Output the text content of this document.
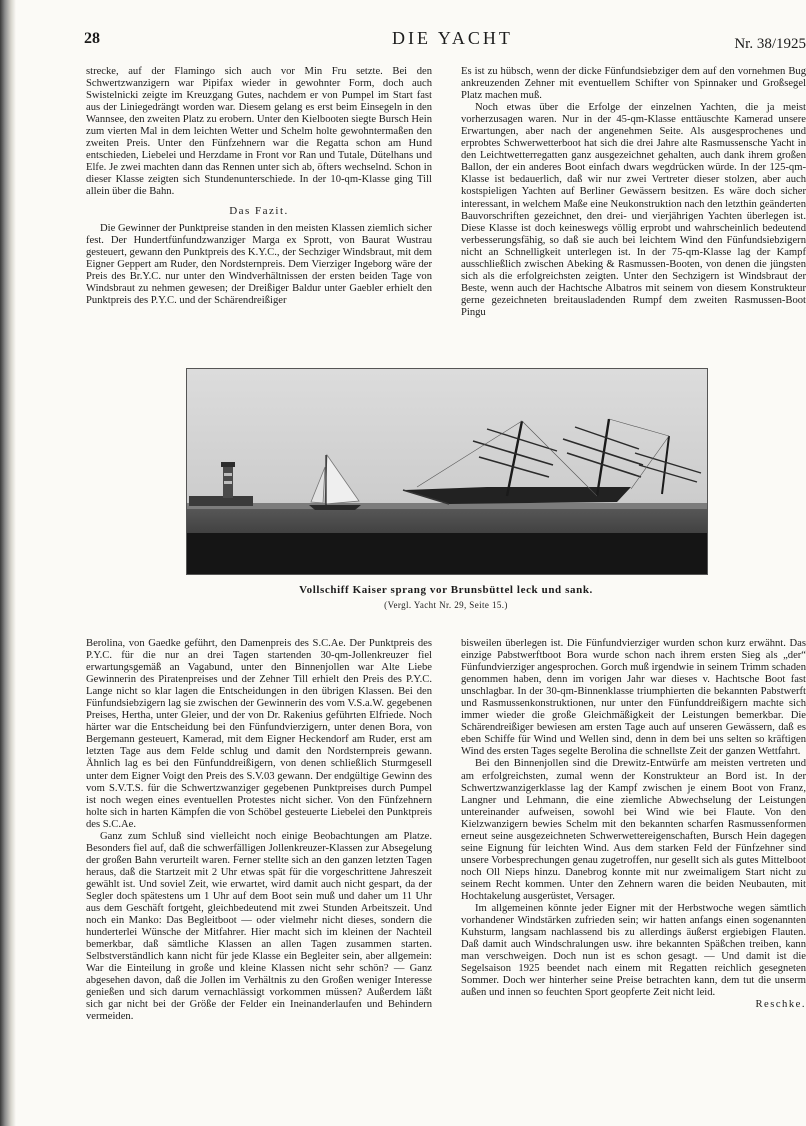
28	DIE YACHT	Nr. 38/1925

strecke, auf der Flamingo sich auch vor Min Fru setzte. Bei den Schwertzwanzigern war Pipifax wieder in gewohnter Form, doch auch Swistelnicki zeigte im Kreuzgang Gutes, nachdem er von Pumpel im Start fast aus der Liniegedrängt worden war. Diesem gelang es erst beim Einsegeln in den Wannsee, den zweiten Platz zu erobern. Unter den Kielbooten siegte Bursch Hein zum vierten Mal in dem leichten Wetter und Schelm holte gewohntermaßen den zweiten Preis. Unter den Fünfzehnern war die Regatta schon am Hund entschieden, Liebelei und Herzdame in Front vor Ran und Tutale, Dütelhans und Elfe. Je zwei machten dann das Rennen unter sich ab, öfters wechselnd. Schon in dieser Klasse zeigten sich Stundenunterschiede. In der 10-qm-Klasse ging Till allein über die Bahn.

Das Fazit.

Die Gewinner der Punktpreise standen in den meisten Klassen ziemlich sicher fest. Der Hundertfünfundzwanziger Marga ex Sprott, von Baurat Wustrau gesteuert, gewann den Punktpreis des K.Y.C., der Sechziger Windsbraut, mit dem Eigner Geppert am Ruder, den Nordsternpreis. Dem Vierziger Ingeborg wäre der Preis des Br.Y.C. nur unter den Windverhältnissen der ersten beiden Tage von Windsbraut zu nehmen gewesen; der Dreißiger Baldur unter Gaebler erhielt den Punktpreis des P.Y.C. und der Schärendreißiger

Es ist zu hübsch, wenn der dicke Fünfundsiebziger dem auf den vornehmen Bug ankreuzenden Zehner mit eventuellem Schifter von Spinnaker und Großsegel Platz machen muß.

Noch etwas über die Erfolge der einzelnen Yachten, die ja meist vorherzusagen waren. Nur in der 45-qm-Klasse enttäuschte Kamerad unsere Erwartungen, aber nach der angenehmen Seite. Als ausgesprochenes und erprobtes Schwerwetterboot hat sich die drei Jahre alte Rasmussensche Yacht in den Leichtwetterregatten ganz ausgezeichnet gehalten, auch dank ihrem großen Ballon, der ein anderes Boot einfach dwars wegdrücken würde. In der 125-qm-Klasse ist bedauerlich, daß wir nur zwei Vertreter dieser stolzen, aber auch kostspieligen Yachten auf Berliner Gewässern besitzen. Es wäre doch sicher interessant, in welchem Maße eine Neukonstruktion nach den letzthin geänderten Bauvorschriften gezeichnet, den drei- und vierjährigen Yachten überlegen ist. Diese Klasse ist doch keineswegs völlig erprobt und wahrscheinlich bedeutend verbesserungsfähig, so daß sie auch bei leichtem Wind den Fünfundsiebzigern nicht an Schnelligkeit unterlegen ist. In der 75-qm-Klasse lag der Kampf ausschließlich zwischen Abeking & Rasmussen-Booten, von denen die jüngsten sich als die erfolgreichsten zeigten. Unter den Sechzigern ist Windsbraut der Beste, wenn auch der Hachtsche Albatros mit seinem von diesem Konstrukteur gerne gezeichneten breitausladenden Rumpf dem zweiten Rasmussen-Boot Pingu

Vollschiff Kaiser sprang vor Brunsbüttel leck und sank.
(Vergl. Yacht Nr. 29, Seite 15.)

Berolina, von Gaedke geführt, den Damenpreis des S.C.Ae. Der Punktpreis des P.Y.C. für die nur an drei Tagen startenden 30-qm-Jollenkreuzer fiel erwartungsgemäß an Vagabund, unter den Binnenjollen war Alte Liebe Gewinnerin des Piratenpreises und der Zehner Till erhielt den Preis des P.Y.C. Lange nicht so klar lagen die Entscheidungen in den übrigen Klassen. Bei den Fünfundsiebzigern lag sie zwischen der Gewinnerin des vom V.S.a.W. gegebenen Preises, Hertha, unter Gleier, und der von Dr. Rakenius geführten Elfriede. Noch härter war die Entscheidung bei den Fünfundvierzigern, unter denen Bora, von Bergemann gesteuert, Kamerad, mit dem Eigner Heckendorf am Ruder, erst am letzten Tage aus dem Felde schlug und damit den Nordsternpreis gewann. Ähnlich lag es bei den Fünfunddreißigern, von denen schließlich Sturmgesell unter dem Eigner Voigt den Preis des S.V.03 gewann. Der endgültige Gewinn des vom S.V.T.S. für die Schwertzwanziger gegebenen Punktpreises durch Pumpel ist noch wegen eines eventuellen Protestes nicht sicher. Von den Fünfzehnern holte sich in harten Kämpfen die von Schöbel gesteuerte Liebelei den Punktpreis des S.C.Ae.

Ganz zum Schluß sind vielleicht noch einige Beobachtungen am Platze. Besonders fiel auf, daß die schwerfälligen Jollenkreuzer-Klassen zur Absegelung der großen Bahn verurteilt waren. Ferner stellte sich an den ganzen letzten Tagen heraus, daß die Startzeit mit 2 Uhr etwas spät für die vorgeschrittene Jahreszeit gewählt ist. Und soviel Zeit, wie erwartet, wird damit auch nicht gespart, da der Segler doch spätestens um 1 Uhr auf dem Boot sein muß und daher um 11 Uhr aus dem Geschäft fortgeht, gleichbedeutend mit zwei Stunden Arbeitszeit. Und noch ein Manko: Das Begleitboot — oder vielmehr nicht dieses, sondern die hunderterlei Wünsche der Mitfahrer. Hier macht sich im kleinen der Nachteil bemerkbar, daß sämtliche Klassen an allen Tagen zusammen starten. Selbstverständlich kann nicht für jede Klasse ein Begleiter sein, aber allgemein: War die Einteilung in große und kleine Klassen nicht sehr schön? — Ganz abgesehen davon, daß die Jollen im Verhältnis zu den Großen weniger Interesse genießen und sich darum vernachlässigt vorkommen müssen? Außerdem läßt sich gar nicht bei der Größe der Felder ein Ineinanderlaufen und Behindern vermeiden.

bisweilen überlegen ist. Die Fünfundvierziger wurden schon kurz erwähnt. Das einzige Pabstwerftboot Bora wurde schon nach ihrem ersten Sieg als „der“ Fünfundvierziger angesprochen. Gorch muß irgendwie in seinem Trimm schaden genommen haben, denn im vorigen Jahr war dieses v. Hachtsche Boot fast unschlagbar. In der 30-qm-Binnenklasse triumphierten die bekannten Pabstwerft und Rasmussenkonstruktionen, nur unter den Fünfunddreißigern machte sich immer wieder die große Gleichmäßigkeit der Leistungen bemerkbar. Die Schärendreißiger bewiesen am ersten Tage auch auf unseren Gewässern, daß es eben Schiffe für Wind und Wellen sind, denn in dem bei uns selten so kräftigen Wind des ersten Tages segelte Berolina die schnellste Zeit der ganzen Wettfahrt.

Bei den Binnenjollen sind die Drewitz-Entwürfe am meisten vertreten und am erfolgreichsten, zumal wenn der Konstrukteur an Bord ist. In der Schwertzwanzigerklasse lag der Kampf zwischen je einem Boot von Franz, Langner und Lehmann, die eine ziemliche Abwechselung der Leistungen untereinander aufweisen, sowohl bei Wind wie bei Flaute. Von den Kielzwanzigern bewies Schelm mit den bekannten scharfen Rasmussenformen erneut seine ausgezeichneten Schwerwettereigenschaften, Bursch Hein dagegen seine Eignung für leichten Wind. Aus dem starken Feld der Fünfzehner sind unsere Vorbesprechungen genau zugetroffen, nur gesellt sich als gutes Mittelboot noch Oll Nieps hinzu. Danebrog konnte mit nur zweimaligem Start nicht zu seinem Recht kommen. Unter den Zehnern waren die beiden Neubauten, mit Hochtakelung ausgerüstet, Versager.

Im allgemeinen könnte jeder Eigner mit der Herbstwoche wegen sämtlich vorhandener Windstärken zufrieden sein; wir hatten anfangs einen sogenannten Kuhsturm, langsam nachlassend bis zu allerdings äußerst ergiebigen Flauten. Daß damit auch Windschralungen usw. ihre bekannten Späßchen treiben, kann man verschweigen. Doch nun ist es schon gesagt. — Und damit ist die Segelsaison 1925 beendet nach einem mit Regatten reichlich gesegneten Sommer. Doch wer hinterher seine Preise betrachten kann, dem tut die unserm außen und innen so feuchten Sport geopferte Zeit nicht leid.

Reschke.
